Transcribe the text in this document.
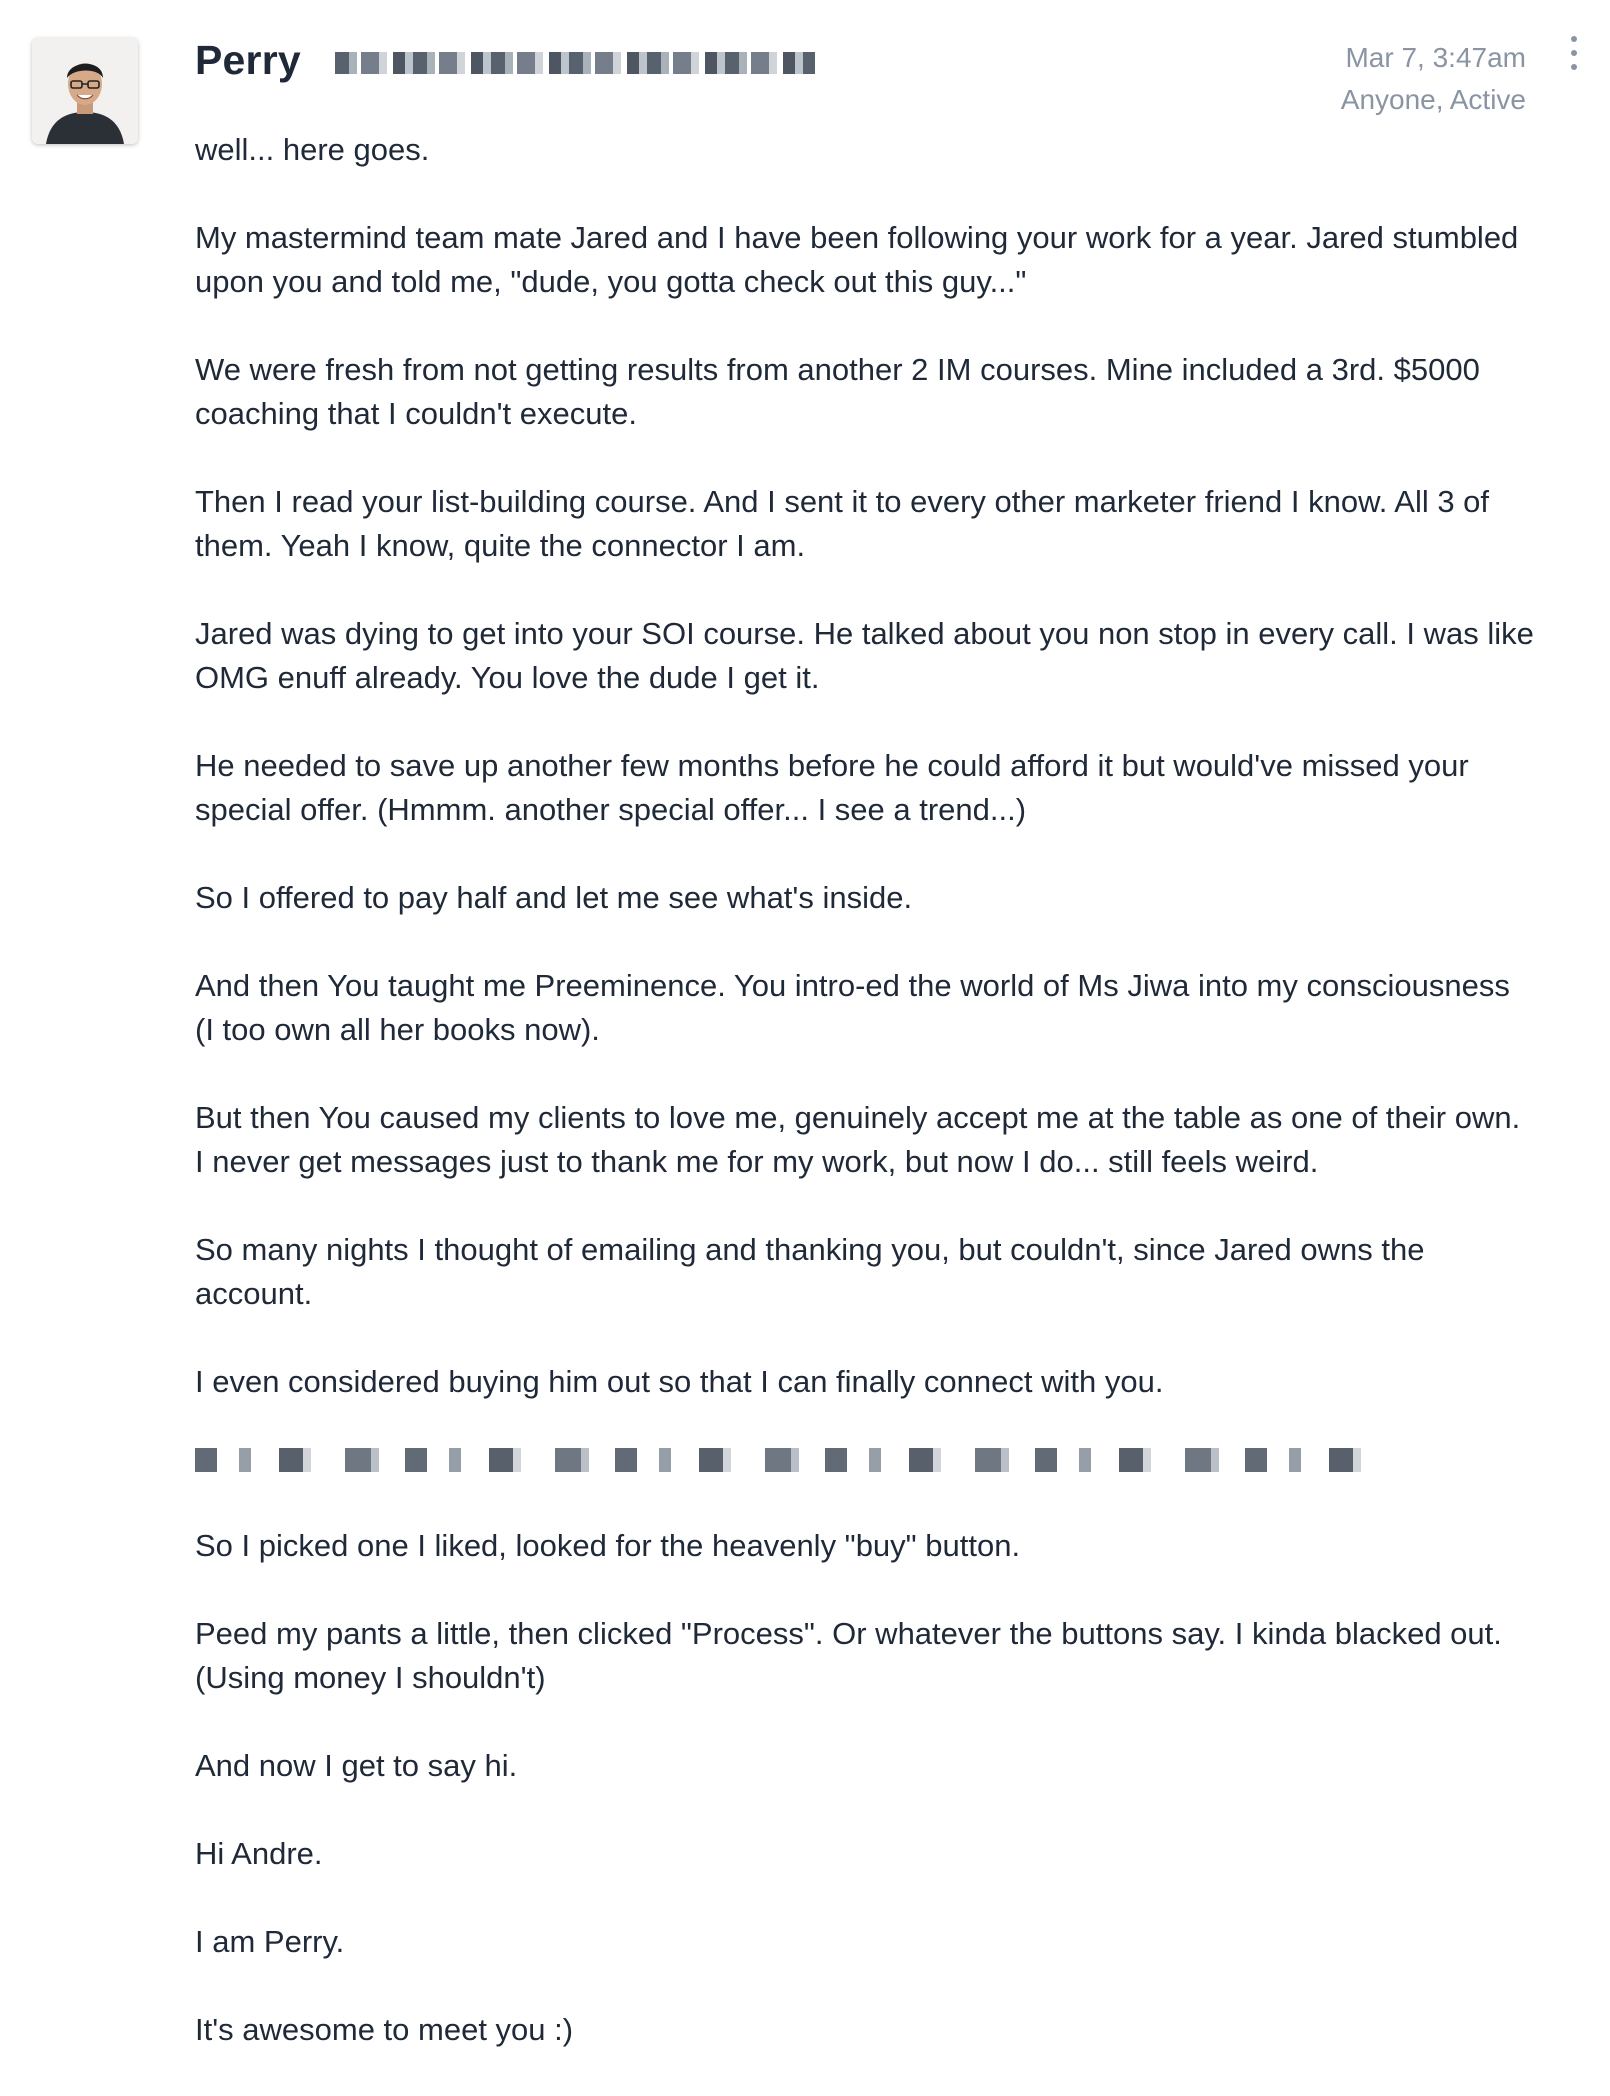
Perry	Mar 7, 3:47am
Anyone, Active

well... here goes.

My mastermind team mate Jared and I have been following your work for a year. Jared stumbled upon you and told me, "dude, you gotta check out this guy..."

We were fresh from not getting results from another 2 IM courses. Mine included a 3rd. $5000 coaching that I couldn't execute.

Then I read your list-building course. And I sent it to every other marketer friend I know. All 3 of them. Yeah I know, quite the connector I am.

Jared was dying to get into your SOI course. He talked about you non stop in every call. I was like OMG enuff already. You love the dude I get it.

He needed to save up another few months before he could afford it but would've missed your special offer. (Hmmm. another special offer... I see a trend...)

So I offered to pay half and let me see what's inside.

And then You taught me Preeminence. You intro-ed the world of Ms Jiwa into my consciousness (I too own all her books now).

But then You caused my clients to love me, genuinely accept me at the table as one of their own. I never get messages just to thank me for my work, but now I do... still feels weird.

So many nights I thought of emailing and thanking you, but couldn't, since Jared owns the account.

I even considered buying him out so that I can finally connect with you.

So I picked one I liked, looked for the heavenly "buy" button.

Peed my pants a little, then clicked "Process". Or whatever the buttons say. I kinda blacked out. (Using money I shouldn't)

And now I get to say hi.

Hi Andre.

I am Perry.

It's awesome to meet you :)
